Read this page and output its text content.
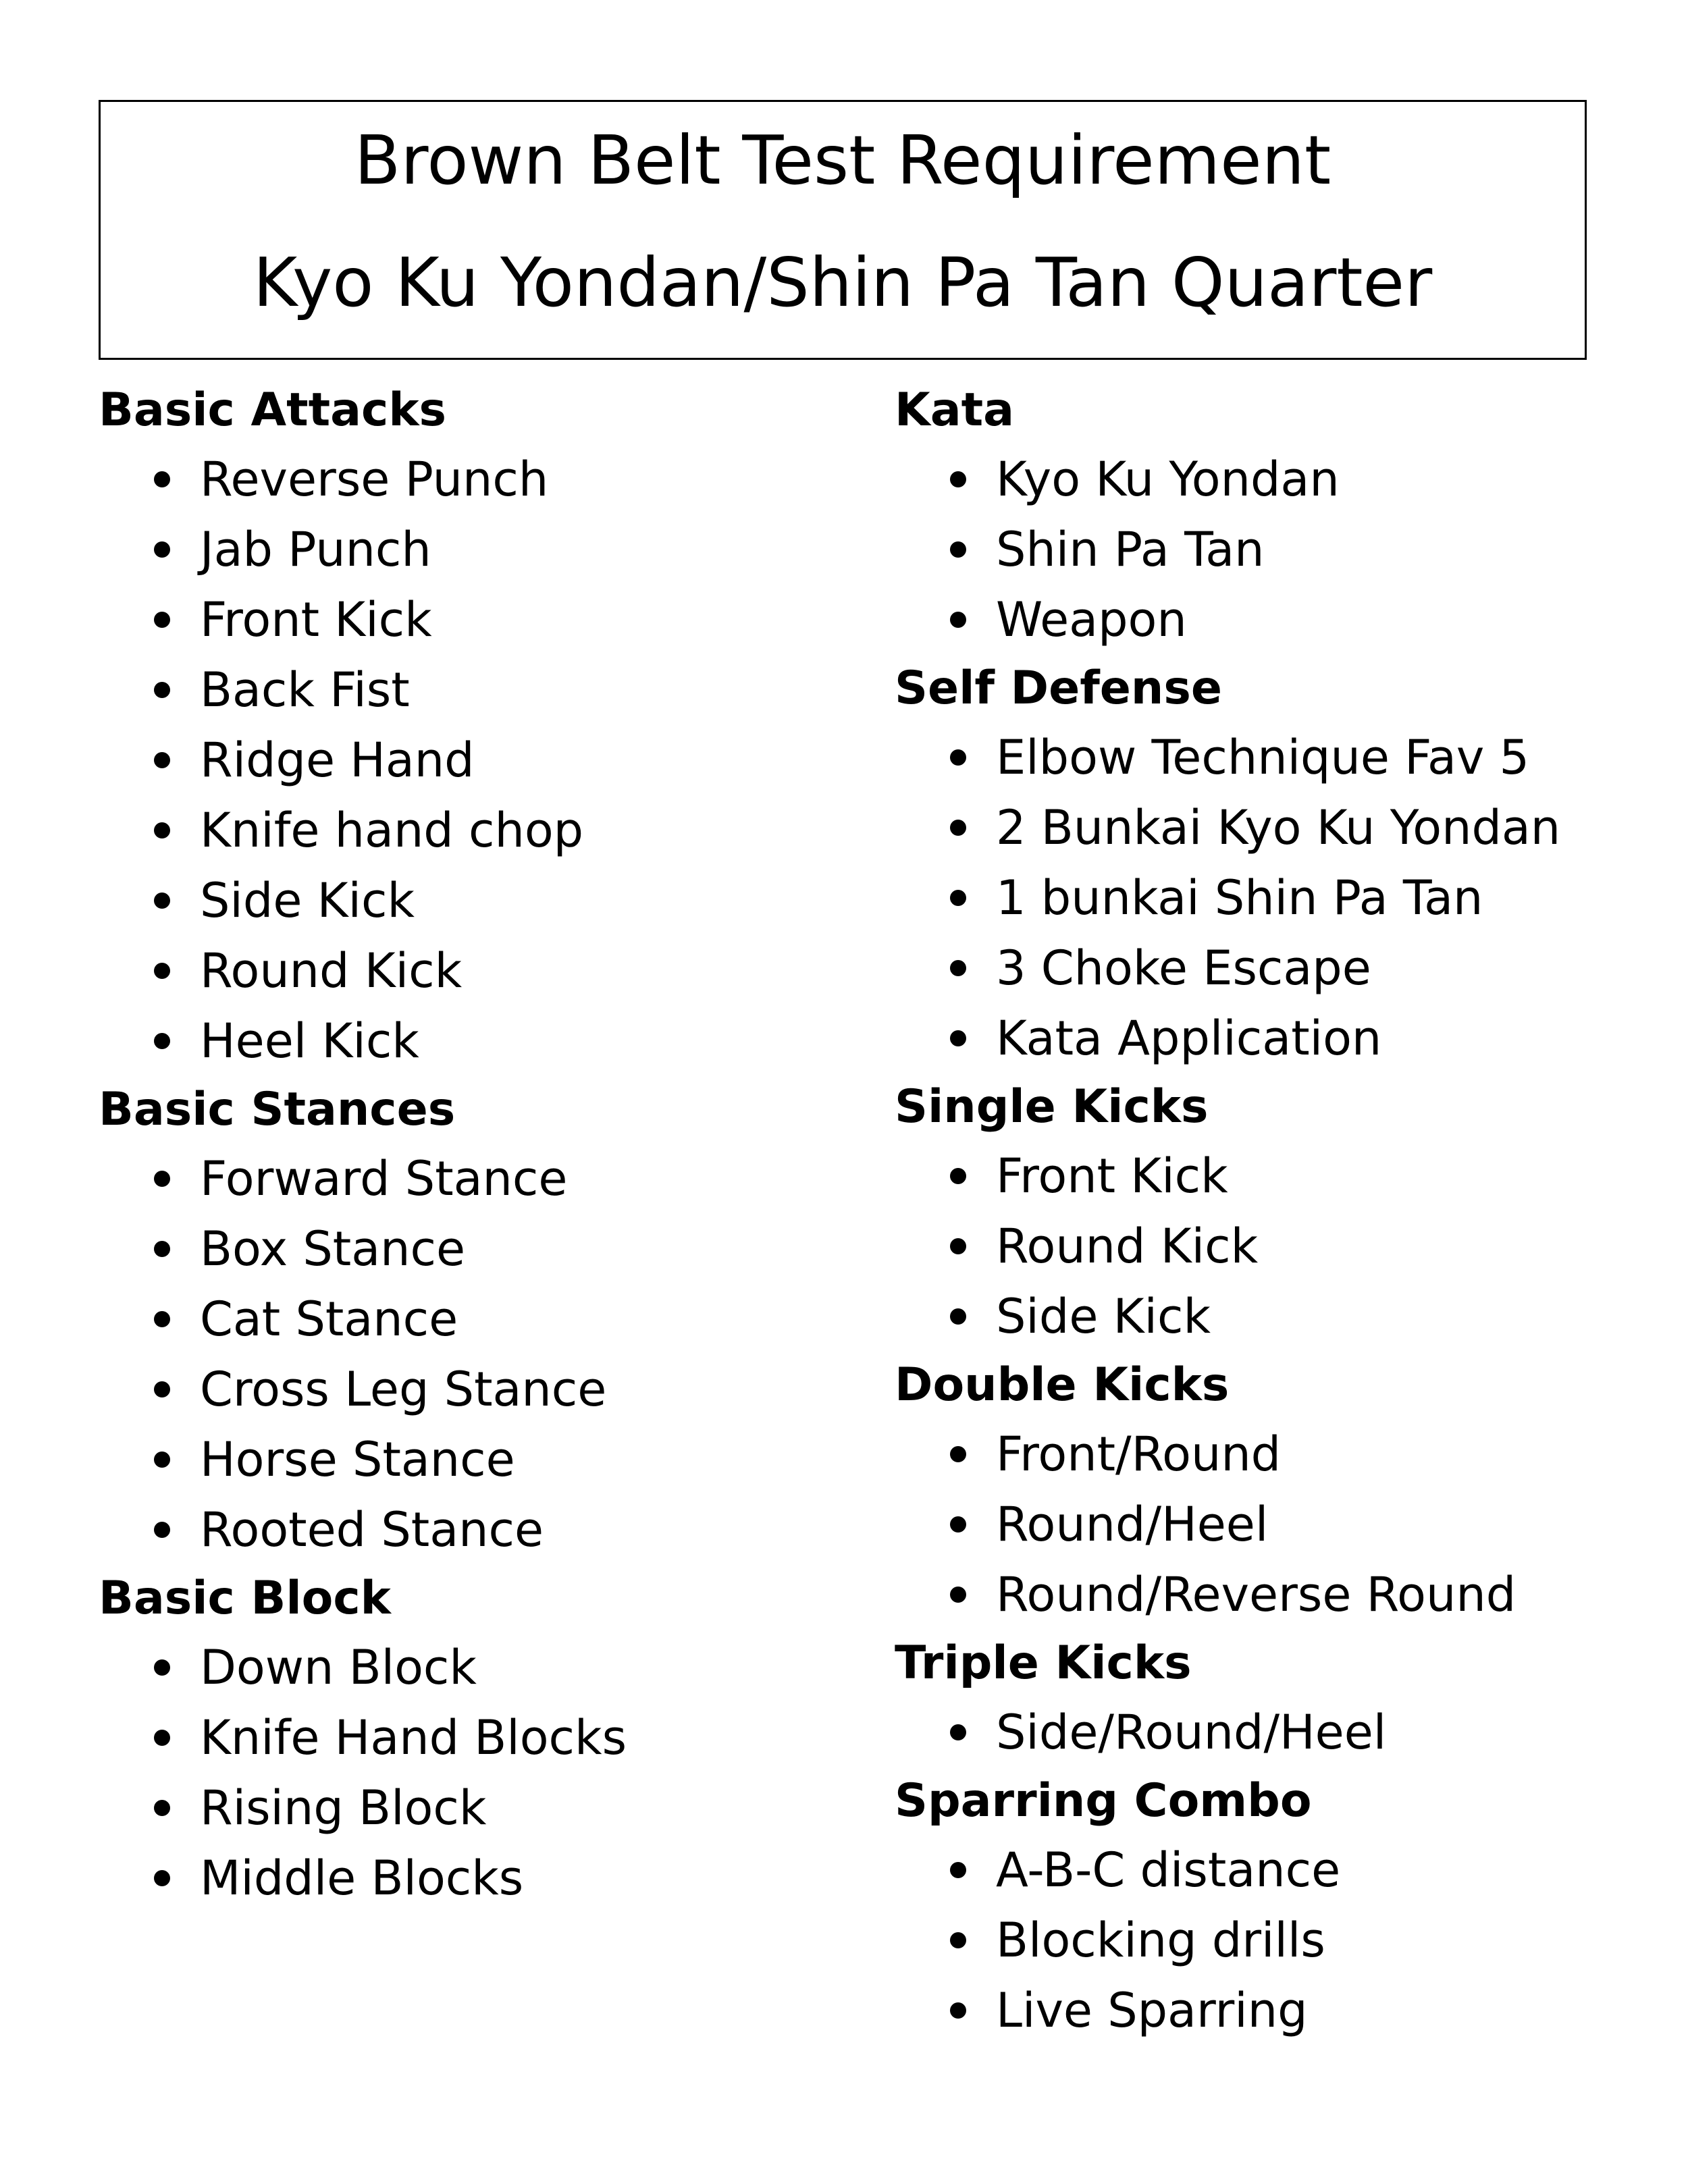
Brown Belt Test Requirement
Kyo Ku Yondan/Shin Pa Tan Quarter
Basic Attacks
Reverse Punch
Jab Punch
Front Kick
Back Fist
Ridge Hand
Knife hand chop
Side Kick
Round Kick
Heel Kick
Basic Stances
Forward Stance
Box Stance
Cat Stance
Cross Leg Stance
Horse Stance
Rooted Stance
Basic Block
Down Block
Knife Hand Blocks
Rising Block
Middle Blocks
Kata
Kyo Ku Yondan
Shin Pa Tan
Weapon
Self Defense
Elbow Technique Fav 5
2 Bunkai Kyo Ku Yondan
1 bunkai Shin Pa Tan
3 Choke Escape
Kata Application
Single Kicks
Front Kick
Round Kick
Side Kick
Double Kicks
Front/Round
Round/Heel
Round/Reverse Round
Triple Kicks
Side/Round/Heel
Sparring Combo
A-B-C distance
Blocking drills
Live Sparring
